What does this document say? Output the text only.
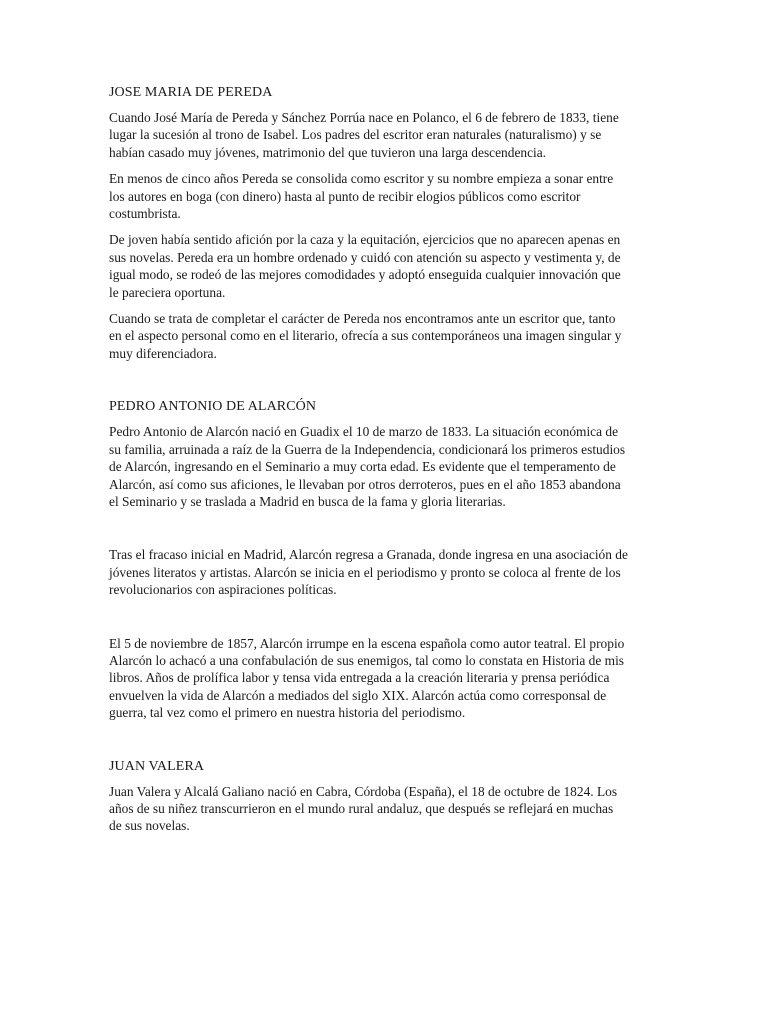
JOSE MARIA DE PEREDA

Cuando José María de Pereda y Sánchez Porrúa nace en Polanco, el 6 de febrero de 1833, tiene lugar la sucesión al trono de Isabel. Los padres del escritor eran naturales (naturalismo) y se habían casado muy jóvenes, matrimonio del que tuvieron una larga descendencia.

En menos de cinco años Pereda se consolida como escritor y su nombre empieza a sonar entre los autores en boga (con dinero) hasta al punto de recibir elogios públicos como escritor costumbrista.

De joven había sentido afición por la caza y la equitación, ejercicios que no aparecen apenas en sus novelas. Pereda era un hombre ordenado y cuidó con atención su aspecto y vestimenta y, de igual modo, se rodeó de las mejores comodidades y adoptó enseguida cualquier innovación que le pareciera oportuna.

Cuando se trata de completar el carácter de Pereda nos encontramos ante un escritor que, tanto en el aspecto personal como en el literario, ofrecía a sus contemporáneos una imagen singular y muy diferenciadora.

PEDRO ANTONIO DE ALARCÓN

Pedro Antonio de Alarcón nació en Guadix el 10 de marzo de 1833. La situación económica de su familia, arruinada a raíz de la Guerra de la Independencia, condicionará los primeros estudios de Alarcón, ingresando en el Seminario a muy corta edad. Es evidente que el temperamento de Alarcón, así como sus aficiones, le llevaban por otros derroteros, pues en el año 1853 abandona el Seminario y se traslada a Madrid en busca de la fama y gloria literarias.

Tras el fracaso inicial en Madrid, Alarcón regresa a Granada, donde ingresa en una asociación de jóvenes literatos y artistas. Alarcón se inicia en el periodismo y pronto se coloca al frente de los revolucionarios con aspiraciones políticas.

El 5 de noviembre de 1857, Alarcón irrumpe en la escena española como autor teatral. El propio Alarcón lo achacó a una confabulación de sus enemigos, tal como lo constata en Historia de mis libros. Años de prolífica labor y tensa vida entregada a la creación literaria y prensa periódica envuelven la vida de Alarcón a mediados del siglo XIX. Alarcón actúa como corresponsal de guerra, tal vez como el primero en nuestra historia del periodismo.

JUAN VALERA

Juan Valera y Alcalá Galiano nació en Cabra, Córdoba (España), el 18 de octubre de 1824. Los años de su niñez transcurrieron en el mundo rural andaluz, que después se reflejará en muchas de sus novelas.
